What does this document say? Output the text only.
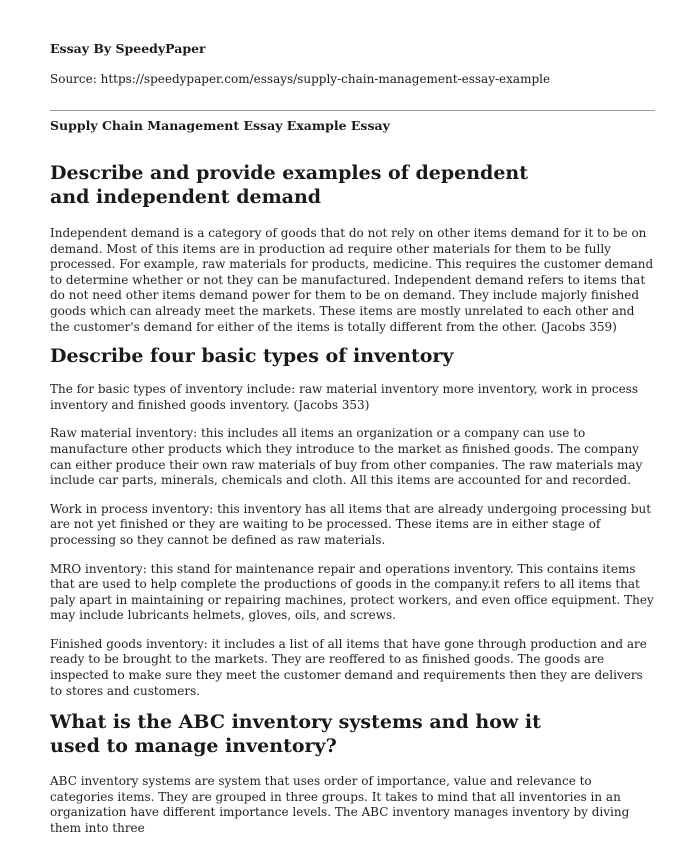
Essay By SpeedyPaper
Source: https://speedypaper.com/essays/supply-chain-management-essay-example
Supply Chain Management Essay Example Essay
Describe and provide examples of dependent and independent demand

Independent demand is a category of goods that do not rely on other items demand for it to be on demand. Most of this items are in production ad require other materials for them to be fully processed. For example, raw materials for products, medicine. This requires the customer demand to determine whether or not they can be manufactured. Independent demand refers to items that do not need other items demand power for them to be on demand. They include majorly finished goods which can already meet the markets. These items are mostly unrelated to each other and the customer's demand for either of the items is totally different from the other. (Jacobs 359)

Describe four basic types of inventory

The for basic types of inventory include: raw material inventory more inventory, work in process inventory and finished goods inventory. (Jacobs 353)

Raw material inventory: this includes all items an organization or a company can use to manufacture other products which they introduce to the market as finished goods. The company can either produce their own raw materials of buy from other companies. The raw materials may include car parts, minerals, chemicals and cloth. All this items are accounted for and recorded.

Work in process inventory: this inventory has all items that are already undergoing processing but are not yet finished or they are waiting to be processed. These items are in either stage of processing so they cannot be defined as raw materials.

MRO inventory: this stand for maintenance repair and operations inventory. This contains items that are used to help complete the productions of goods in the company.it refers to all items that paly apart in maintaining or repairing machines, protect workers, and even office equipment. They may include lubricants helmets, gloves, oils, and screws.

Finished goods inventory: it includes a list of all items that have gone through production and are ready to be brought to the markets. They are reoffered to as finished goods. The goods are inspected to make sure they meet the customer demand and requirements then they are delivers to stores and customers.

What is the ABC inventory systems and how it used to manage inventory?

ABC inventory systems are system that uses order of importance, value and relevance to categories items. They are grouped in three groups. It takes to mind that all inventories in an organization have different importance levels. The ABC inventory manages inventory by diving them into three
